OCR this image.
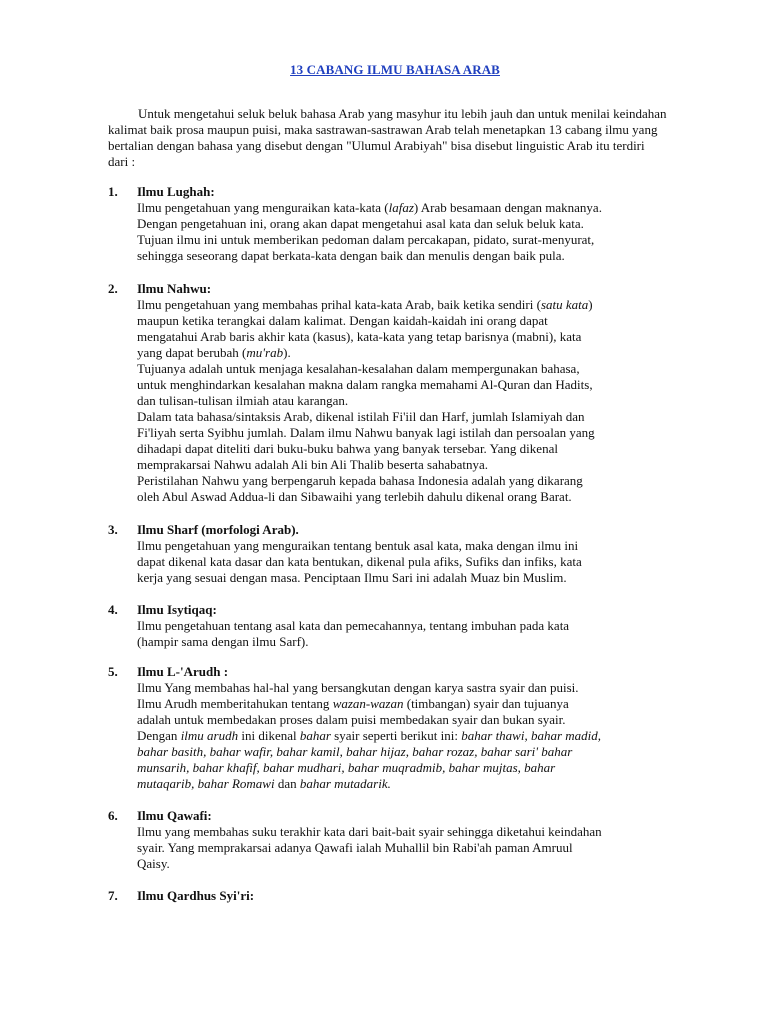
13 CABANG ILMU BAHASA ARAB

Untuk mengetahui seluk beluk bahasa Arab yang masyhur itu lebih jauh dan untuk menilai keindahan kalimat baik prosa maupun puisi, maka sastrawan-sastrawan Arab telah menetapkan 13 cabang ilmu yang bertalian dengan bahasa yang disebut dengan "Ulumul Arabiyah" bisa disebut linguistic Arab itu terdiri dari :

1. Ilmu Lughah:
Ilmu pengetahuan yang menguraikan kata-kata (lafaz) Arab besamaan dengan maknanya.
Dengan pengetahuan ini, orang akan dapat mengetahui asal kata dan seluk beluk kata.
Tujuan ilmu ini untuk memberikan pedoman dalam percakapan, pidato, surat-menyurat,
sehingga seseorang dapat berkata-kata dengan baik dan menulis dengan baik pula.
2. Ilmu Nahwu:
Ilmu pengetahuan yang membahas prihal kata-kata Arab, baik ketika sendiri (satu kata)
maupun ketika terangkai dalam kalimat. Dengan kaidah-kaidah ini orang dapat
mengatahui Arab baris akhir kata (kasus), kata-kata yang tetap barisnya (mabni), kata
yang dapat berubah (mu'rab).
Tujuanya adalah untuk menjaga kesalahan-kesalahan dalam mempergunakan bahasa,
untuk menghindarkan kesalahan makna dalam rangka memahami Al-Quran dan Hadits,
dan tulisan-tulisan ilmiah atau karangan.
Dalam tata bahasa/sintaksis Arab, dikenal istilah Fi'iil dan Harf, jumlah Islamiyah dan
Fi'liyah serta Syibhu jumlah. Dalam ilmu Nahwu banyak lagi istilah dan persoalan yang
dihadapi dapat diteliti dari buku-buku bahwa yang banyak tersebar. Yang dikenal
memprakarsai Nahwu adalah Ali bin Ali Thalib beserta sahabatnya.
Peristilahan Nahwu yang berpengaruh kepada bahasa Indonesia adalah yang dikarang
oleh Abul Aswad Addua-li dan Sibawaihi yang terlebih dahulu dikenal orang Barat.
3. Ilmu Sharf (morfologi Arab).
Ilmu pengetahuan yang menguraikan tentang bentuk asal kata, maka dengan ilmu ini
dapat dikenal kata dasar dan kata bentukan, dikenal pula afiks, Sufiks dan infiks, kata
kerja yang sesuai dengan masa. Penciptaan Ilmu Sari ini adalah Muaz bin Muslim.
4. Ilmu Isytiqaq:
Ilmu pengetahuan tentang asal kata dan pemecahannya, tentang imbuhan pada kata
(hampir sama dengan ilmu Sarf).
5. Ilmu L-'Arudh :
Ilmu Yang membahas hal-hal yang bersangkutan dengan karya sastra syair dan puisi.
Ilmu Arudh memberitahukan tentang wazan-wazan (timbangan) syair dan tujuanya
adalah untuk membedakan proses dalam puisi membedakan syair dan bukan syair.
Dengan ilmu arudh ini dikenal bahar syair seperti berikut ini: bahar thawi, bahar madid,
bahar basith, bahar wafir, bahar kamil, bahar hijaz, bahar rozaz, bahar sari' bahar
munsarih, bahar khafif, bahar mudhari, bahar muqradmib, bahar mujtas, bahar
mutaqarib, bahar Romawi dan bahar mutadarik.
6. Ilmu Qawafi:
Ilmu yang membahas suku terakhir kata dari bait-bait syair sehingga diketahui keindahan
syair. Yang memprakarsai adanya Qawafi ialah Muhallil bin Rabi'ah paman Amruul
Qaisy.
7. Ilmu Qardhus Syi'ri:
